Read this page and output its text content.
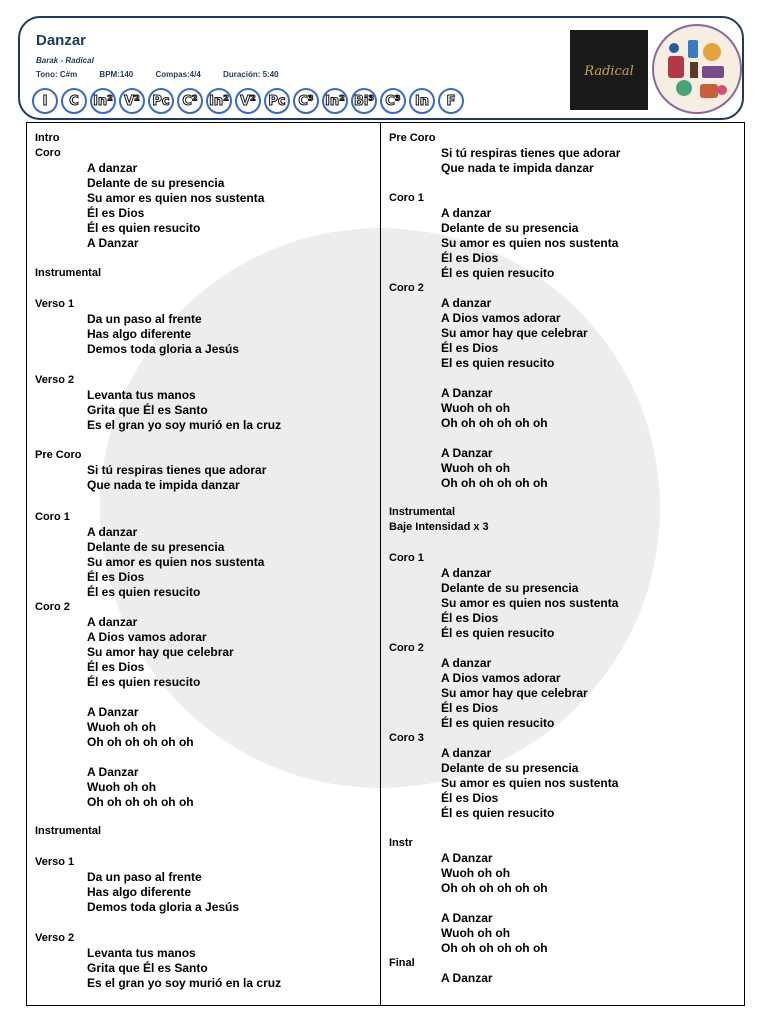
Danzar
Barak - Radical
Tono: C#m	BPM:140	Compas:4/4	Duración: 5:40
I	C	In² V² Pc C² In² V² Pc C³ In² Bi³ C³	In	F
Radical
Intro
Coro
A danzar
Delante de su presencia
Su amor es quien nos sustenta
Él es Dios
Él es quien resucito
A Danzar
Instrumental
Verso 1
Da un paso al frente
Has algo diferente
Demos toda gloria a Jesús
Verso 2
Levanta tus manos
Grita que Él es Santo
Es el gran yo soy murió en la cruz
Pre Coro
Si tú respiras tienes que adorar
Que nada te impida danzar
Coro 1
A danzar
Delante de su presencia
Su amor es quien nos sustenta
Él es Dios
Él es quien resucito
Coro 2
A danzar
A Dios vamos adorar
Su amor hay que celebrar
Él es Dios
Él es quien resucito

A Danzar
Wuoh oh oh
Oh oh oh oh oh oh

A Danzar
Wuoh oh oh
Oh oh oh oh oh oh
Instrumental
Verso 1
Da un paso al frente
Has algo diferente
Demos toda gloria a Jesús
Verso 2
Levanta tus manos
Grita que Él es Santo
Es el gran yo soy murió en la cruz
Pre Coro
Si tú respiras tienes que adorar
Que nada te impida danzar
Coro 1
A danzar
Delante de su presencia
Su amor es quien nos sustenta
Él es Dios
Él es quien resucito
Coro 2
A danzar
A Dios vamos adorar
Su amor hay que celebrar
Él es Dios
El es quien resucito

A Danzar
Wuoh oh oh
Oh oh oh oh oh oh

A Danzar
Wuoh oh oh
Oh oh oh oh oh oh
Instrumental
Baje Intensidad x 3
Coro 1
A danzar
Delante de su presencia
Su amor es quien nos sustenta
Él es Dios
Él es quien resucito
Coro 2
A danzar
A Dios vamos adorar
Su amor hay que celebrar
Él es Dios
Él es quien resucito
Coro 3
A danzar
Delante de su presencia
Su amor es quien nos sustenta
Él es Dios
Él es quien resucito
Instr
A Danzar
Wuoh oh oh
Oh oh oh oh oh oh

A Danzar
Wuoh oh oh
Oh oh oh oh oh oh
Final
A Danzar
